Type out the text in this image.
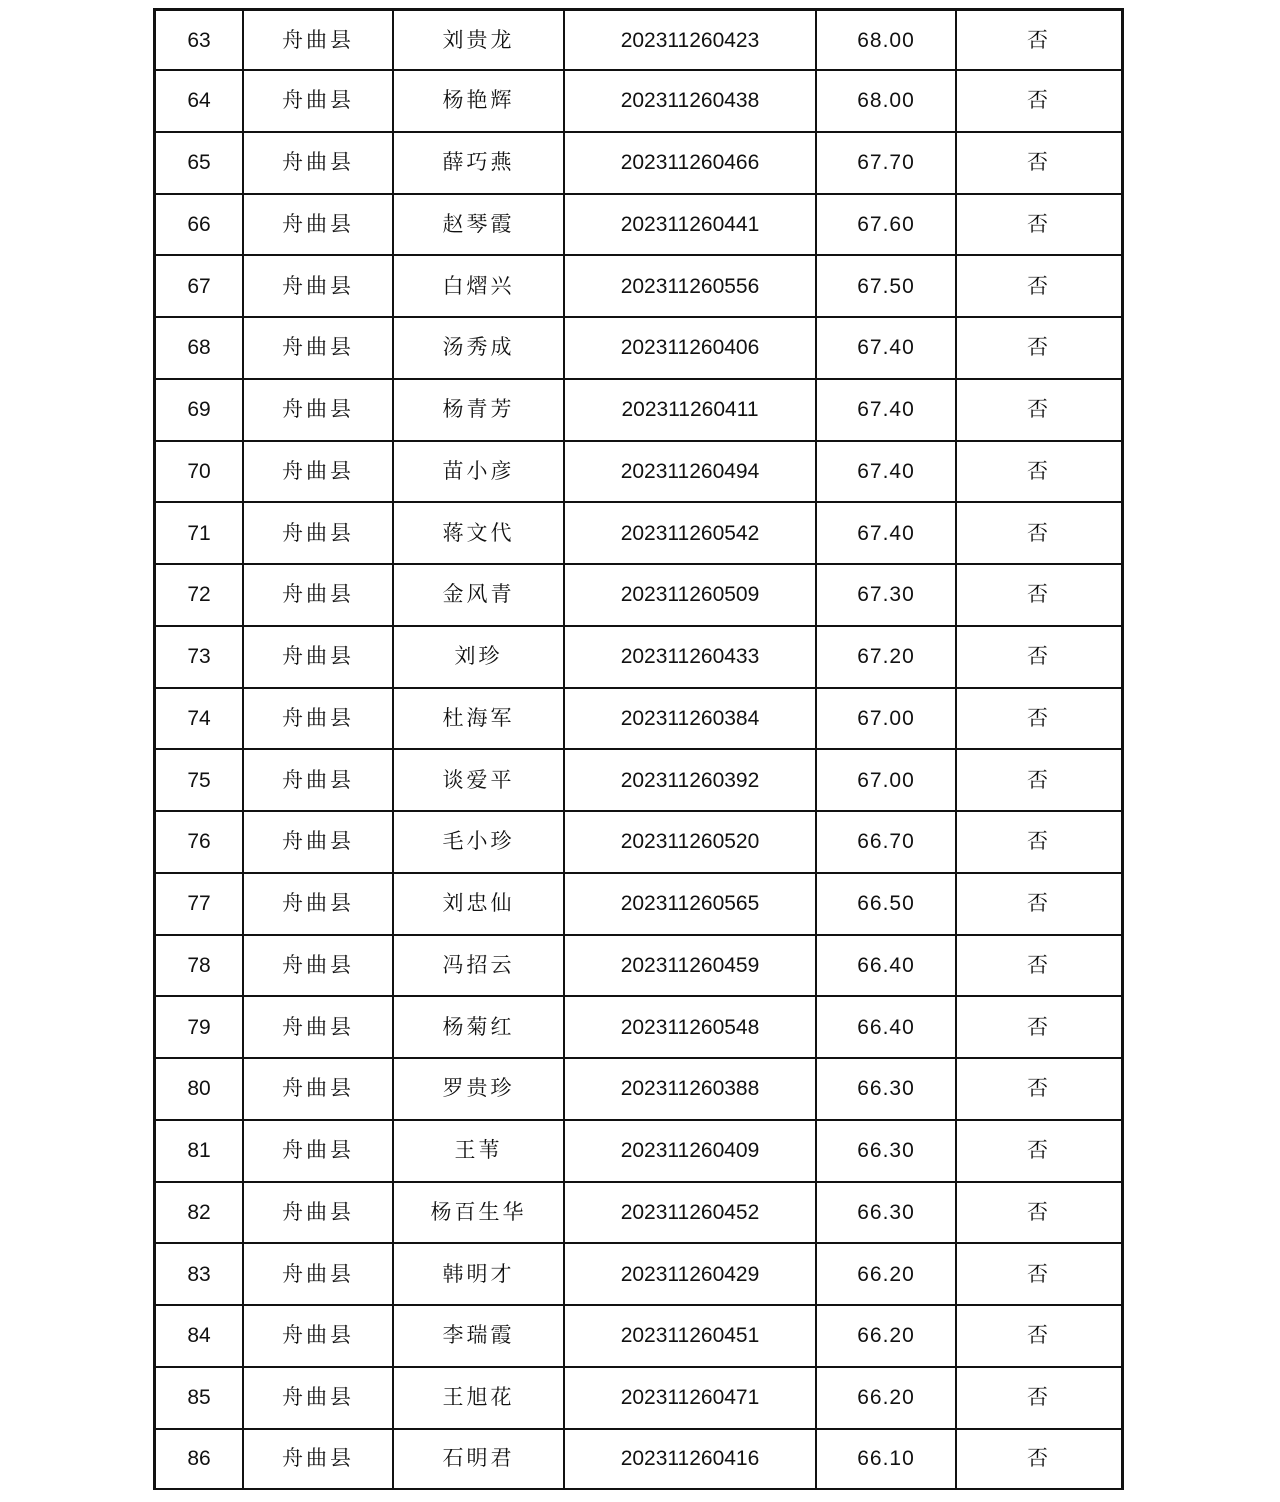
63	舟曲县	刘贵龙	202311260423	68.00	否
64	舟曲县	杨艳辉	202311260438	68.00	否
65	舟曲县	薛巧燕	202311260466	67.70	否
66	舟曲县	赵琴霞	202311260441	67.60	否
67	舟曲县	白熠兴	202311260556	67.50	否
68	舟曲县	汤秀成	202311260406	67.40	否
69	舟曲县	杨青芳	202311260411	67.40	否
70	舟曲县	苗小彦	202311260494	67.40	否
71	舟曲县	蒋文代	202311260542	67.40	否
72	舟曲县	金风青	202311260509	67.30	否
73	舟曲县	刘珍	202311260433	67.20	否
74	舟曲县	杜海军	202311260384	67.00	否
75	舟曲县	谈爱平	202311260392	67.00	否
76	舟曲县	毛小珍	202311260520	66.70	否
77	舟曲县	刘忠仙	202311260565	66.50	否
78	舟曲县	冯招云	202311260459	66.40	否
79	舟曲县	杨菊红	202311260548	66.40	否
80	舟曲县	罗贵珍	202311260388	66.30	否
81	舟曲县	王苇	202311260409	66.30	否
82	舟曲县	杨百生华	202311260452	66.30	否
83	舟曲县	韩明才	202311260429	66.20	否
84	舟曲县	李瑞霞	202311260451	66.20	否
85	舟曲县	王旭花	202311260471	66.20	否
86	舟曲县	石明君	202311260416	66.10	否
